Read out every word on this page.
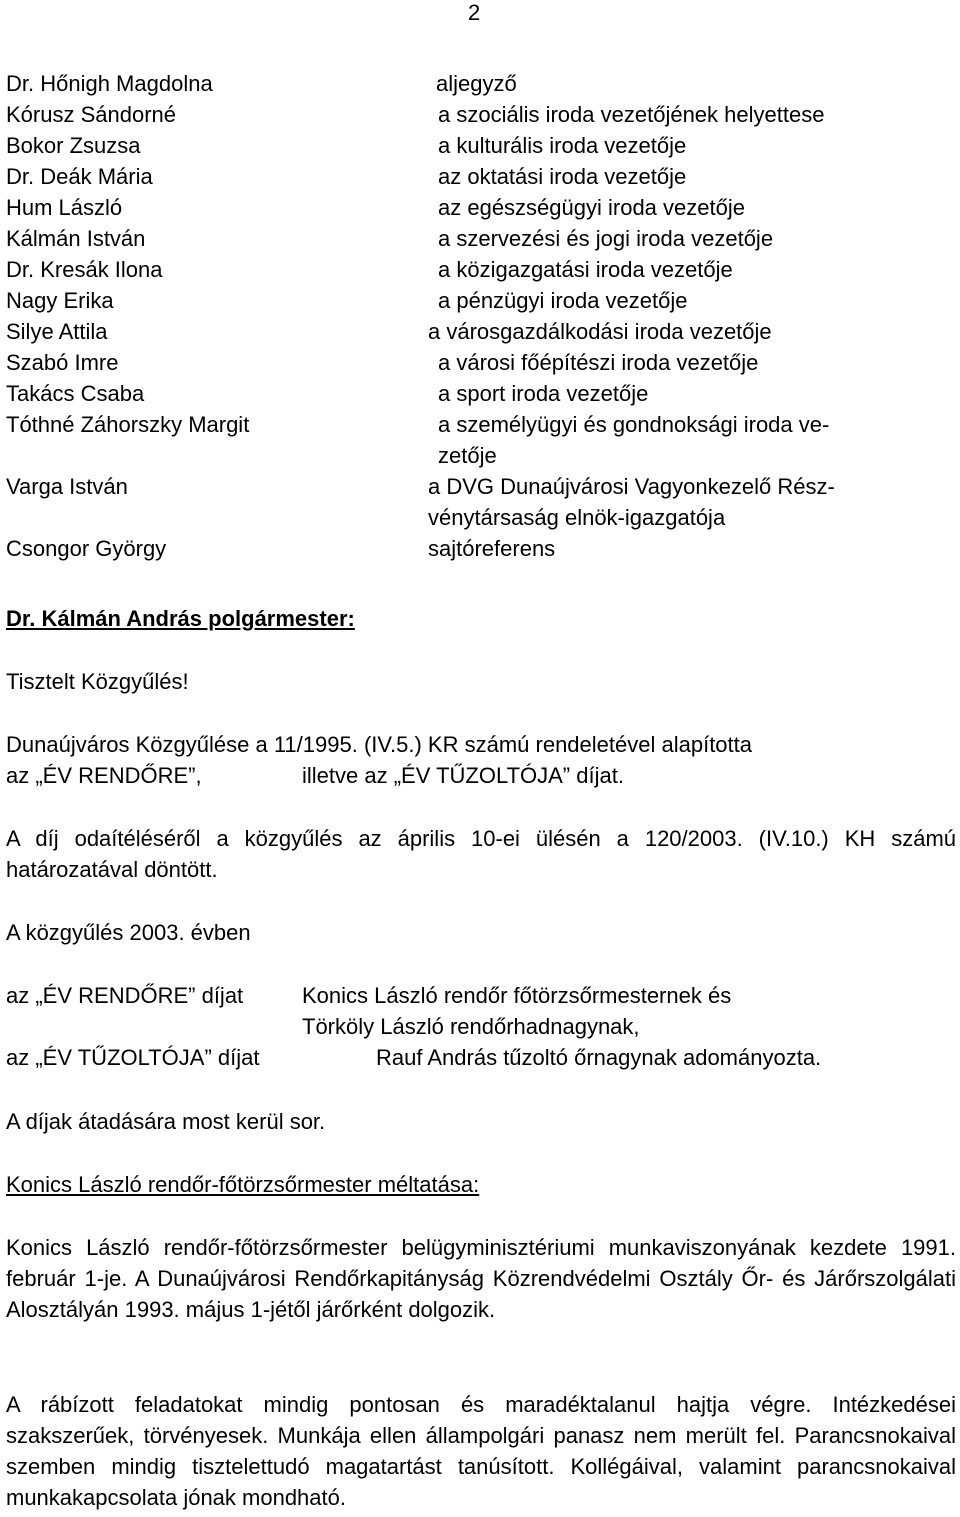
2
Dr. Hőnigh Magdolna	aljegyző
Kórusz Sándorné	a szociális iroda vezetőjének helyettese
Bokor Zsuzsa	a kulturális iroda vezetője
Dr. Deák Mária	az oktatási iroda vezetője
Hum László	az egészségügyi iroda vezetője
Kálmán István	a szervezési és jogi iroda vezetője
Dr. Kresák Ilona	a közigazgatási iroda vezetője
Nagy Erika	a pénzügyi iroda vezetője
Silye Attila	a városgazdálkodási iroda vezetője
Szabó Imre	a városi főépítészi iroda vezetője
Takács Csaba	a sport iroda vezetője
Tóthné Záhorszky Margit	a személyügyi és gondnoksági iroda ve-
zetője
Varga István	a DVG Dunaújvárosi Vagyonkezelő Rész-
vénytársaság elnök-igazgatója
Csongor György	sajtóreferens
Dr. Kálmán András polgármester:
Tisztelt Közgyűlés!
Dunaújváros Közgyűlése a 11/1995. (IV.5.) KR számú rendeletével alapította
az „ÉV RENDŐRE”,	illetve az „ÉV TŰZOLTÓJA” díjat.
A díj odaítéléséről a közgyűlés az április 10-ei ülésén a 120/2003. (IV.10.) KH számú határozatával döntött.
A közgyűlés 2003. évben
az „ÉV RENDŐRE” díjat	Konics László rendőr főtörzsőrmesternek és
Törköly László rendőrhadnagynak,
az „ÉV TŰZOLTÓJA” díjat	Rauf András tűzoltó őrnagynak adományozta.
A díjak átadására most kerül sor.
Konics László rendőr-főtörzsőrmester méltatása:
Konics László rendőr-főtörzsőrmester belügyminisztériumi munkaviszonyának kezdete 1991. február 1-je. A Dunaújvárosi Rendőrkapitányság Közrendvédelmi Osztály Őr- és Járőrszolgálati Alosztályán 1993. május 1-jétől járőrként dolgozik.
A rábízott feladatokat mindig pontosan és maradéktalanul hajtja végre. Intézkedései szakszerűek, törvényesek. Munkája ellen állampolgári panasz nem merült fel. Parancsnokaival szemben mindig tisztelettudó magatartást tanúsított. Kollégáival, valamint parancsnokaival munkakapcsolata jónak mondható.
